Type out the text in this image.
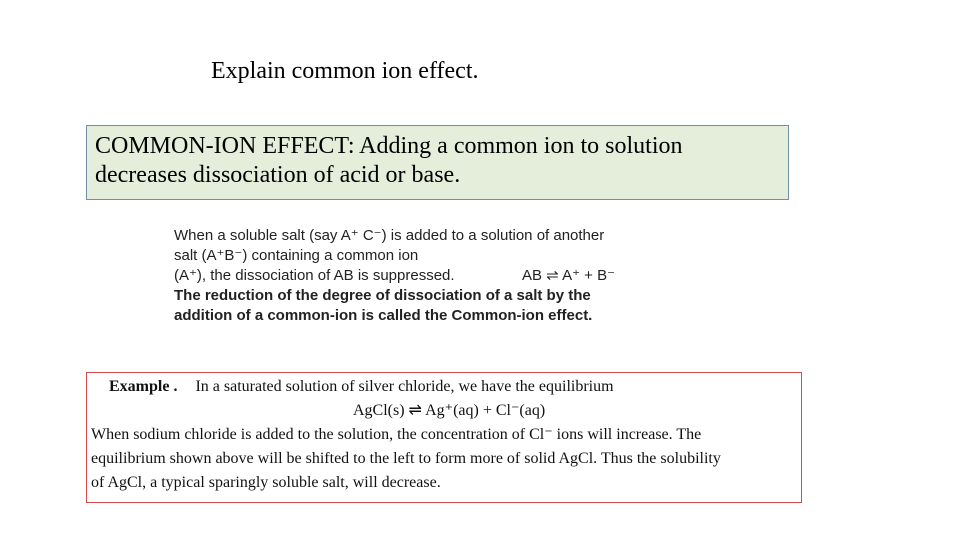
Explain common ion effect.
COMMON-ION EFFECT: Adding a common ion to solution
decreases dissociation of acid or base.
When a soluble salt (say A⁺ C⁻) is added to a solution of another
salt (A⁺B⁻) containing a common ion
(A⁺), the dissociation of AB is suppressed.	AB ⇌ A⁺ + B⁻
The reduction of the degree of dissociation of a salt by the
addition of a common-ion is called the Common-ion effect.
Example . In a saturated solution of silver chloride, we have the equilibrium
AgCl(s) ⇌ Ag⁺(aq) + Cl⁻(aq)
When sodium chloride is added to the solution, the concentration of Cl⁻ ions will increase. The
equilibrium shown above will be shifted to the left to form more of solid AgCl. Thus the solubility
of AgCl, a typical sparingly soluble salt, will decrease.
